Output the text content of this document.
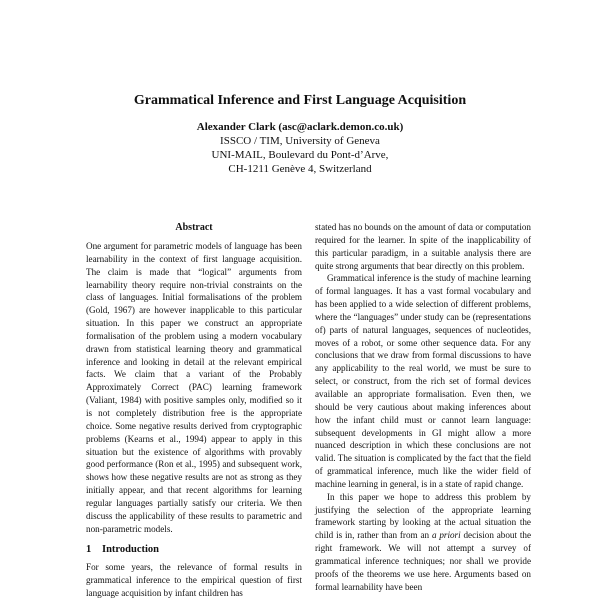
Grammatical Inference and First Language Acquisition
Alexander Clark (asc@aclark.demon.co.uk)
ISSCO / TIM, University of Geneva
UNI-MAIL, Boulevard du Pont-d’Arve,
CH-1211 Genève 4, Switzerland
Abstract

One argument for parametric models of language has been learnability in the context of first language acquisition. The claim is made that “logical” arguments from learnability theory require non-trivial constraints on the class of languages. Initial formalisations of the problem (Gold, 1967) are however inapplicable to this particular situation. In this paper we construct an appropriate formalisation of the problem using a modern vocabulary drawn from statistical learning theory and grammatical inference and looking in detail at the relevant empirical facts. We claim that a variant of the Probably Approximately Correct (PAC) learning framework (Valiant, 1984) with positive samples only, modified so it is not completely distribution free is the appropriate choice. Some negative results derived from cryptographic problems (Kearns et al., 1994) appear to apply in this situation but the existence of algorithms with provably good performance (Ron et al., 1995) and subsequent work, shows how these negative results are not as strong as they initially appear, and that recent algorithms for learning regular languages partially satisfy our criteria. We then discuss the applicability of these results to parametric and non-parametric models.

1 Introduction

For some years, the relevance of formal results in grammatical inference to the empirical question of first language acquisition by infant children has

stated has no bounds on the amount of data or computation required for the learner. In spite of the inapplicability of this particular paradigm, in a suitable analysis there are quite strong arguments that bear directly on this problem.

Grammatical inference is the study of machine learning of formal languages. It has a vast formal vocabulary and has been applied to a wide selection of different problems, where the “languages” under study can be (representations of) parts of natural languages, sequences of nucleotides, moves of a robot, or some other sequence data. For any conclusions that we draw from formal discussions to have any applicability to the real world, we must be sure to select, or construct, from the rich set of formal devices available an appropriate formalisation. Even then, we should be very cautious about making inferences about how the infant child must or cannot learn language: subsequent developments in GI might allow a more nuanced description in which these conclusions are not valid. The situation is complicated by the fact that the field of grammatical inference, much like the wider field of machine learning in general, is in a state of rapid change.

In this paper we hope to address this problem by justifying the selection of the appropriate learning framework starting by looking at the actual situation the child is in, rather than from an a priori decision about the right framework. We will not attempt a survey of grammatical inference techniques; nor shall we provide proofs of the theorems we use here. Arguments based on formal learnability have been
